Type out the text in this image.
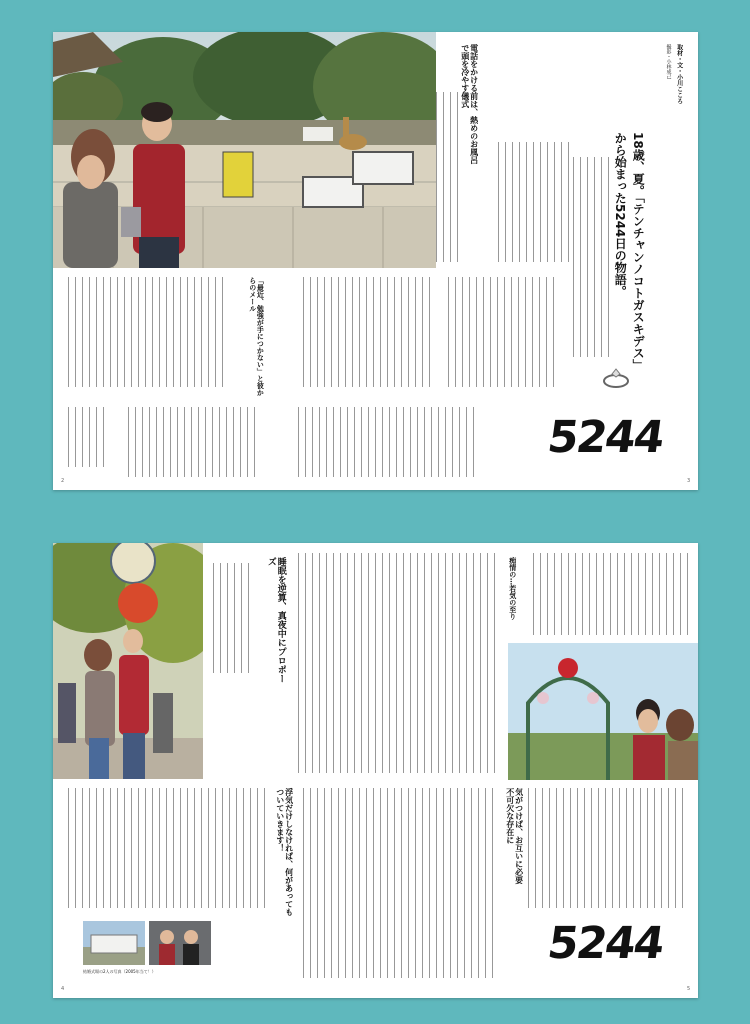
電話をかける前は、熱めのお風呂で頭を冷やす儀式	取材・文・小川こころ
撮影・小林成己
18歳、夏。「テンチャンノコトガスキデス」
から始まった5244日の物語。
「最近、勉強が手につかない」と彼からのメール
5244
2	3
結婚式場の2人の写真（2005年当て！）
睡眠を逆算、真夜中にプロポーズ	痴情の…若気の至り
気がつけば、お互いに必要不可欠な存在に
浮気だけしなければ、何があってもついていきます！
5244
4	5
